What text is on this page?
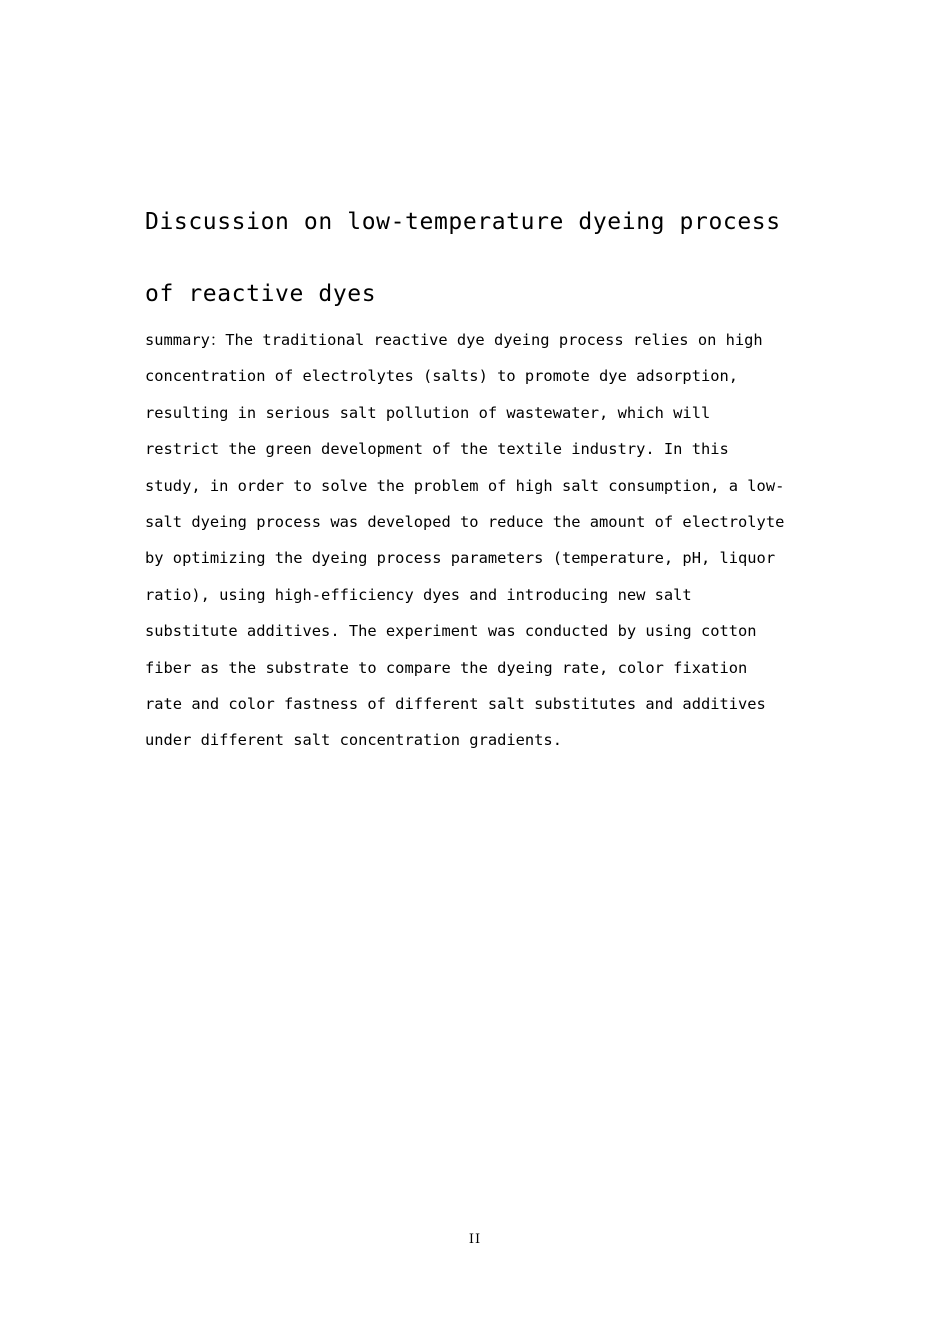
Discussion on low-temperature dyeing process
of reactive dyes
summary：The traditional reactive dye dyeing process relies on high
concentration of electrolytes (salts) to promote dye adsorption,
resulting in serious salt pollution of wastewater, which will
restrict the green development of the textile industry. In this
study, in order to solve the problem of high salt consumption, a low-
salt dyeing process was developed to reduce the amount of electrolyte
by optimizing the dyeing process parameters (temperature, pH, liquor
ratio), using high-efficiency dyes and introducing new salt
substitute additives. The experiment was conducted by using cotton
fiber as the substrate to compare the dyeing rate, color fixation
rate and color fastness of different salt substitutes and additives
under different salt concentration gradients.
II
